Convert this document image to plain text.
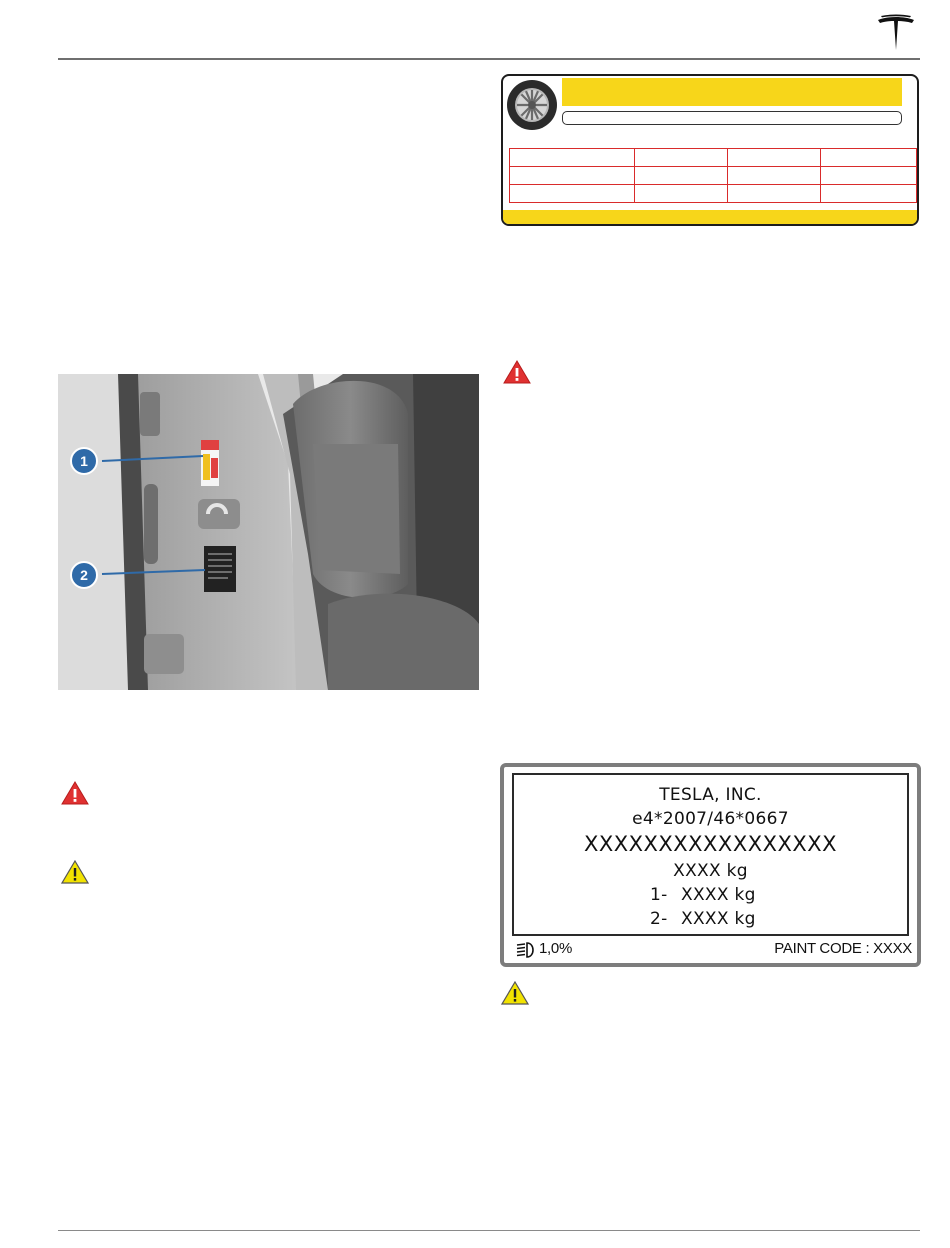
1
2
TESLA, INC.
e4*2007/46*0667
XXXXXXXXXXXXXXXXX
XXXX kg
1- XXXX kg
2- XXXX kg
1,0%	PAINT CODE : XXXX
